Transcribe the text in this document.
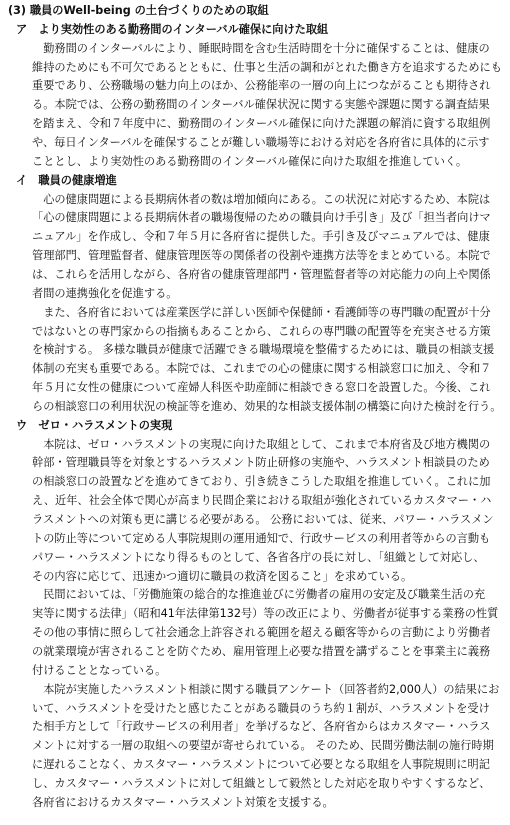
(3) 職員のWell-being の土台づくりのための取組
ア　より実効性のある勤務間のインターバル確保に向けた取組
　勤務間のインターバルにより、睡眠時間を含む生活時間を十分に確保することは、健康の
維持のためにも不可欠であるとともに、仕事と生活の調和がとれた働き方を追求するためにも
重要であり、公務職場の魅力向上のほか、公務能率の一層の向上につながることも期待され
る。本院では、公務の勤務間のインターバル確保状況に関する実態や課題に関する調査結果
を踏まえ、令和７年度中に、勤務間のインターバル確保に向けた課題の解消に資する取組例
や、毎日インターバルを確保することが難しい職場等における対応を各府省に具体的に示す
こととし、より実効性のある勤務間のインターバル確保に向けた取組を推進していく。
イ　職員の健康増進
　心の健康問題による長期病休者の数は増加傾向にある。この状況に対応するため、本院は
「心の健康問題による長期病休者の職場復帰のための職員向け手引き」及び「担当者向けマ
ニュアル」を作成し、令和７年５月に各府省に提供した。手引き及びマニュアルでは、健康
管理部門、管理監督者、健康管理医等の関係者の役割や連携方法等をまとめている。本院で
は、これらを活用しながら、各府省の健康管理部門・管理監督者等の対応能力の向上や関係
者間の連携強化を促進する。
　また、各府省においては産業医学に詳しい医師や保健師・看護師等の専門職の配置が十分
ではないとの専門家からの指摘もあることから、これらの専門職の配置等を充実させる方策
を検討する。 多様な職員が健康で活躍できる職場環境を整備するためには、職員の相談支援
体制の充実も重要である。本院では、これまでの心の健康に関する相談窓口に加え、令和７
年５月に女性の健康について産婦人科医や助産師に相談できる窓口を設置した。今後、これ
らの相談窓口の利用状況の検証等を進め、効果的な相談支援体制の構築に向けた検討を行う。
ウ　ゼロ・ハラスメントの実現
　本院は、ゼロ・ハラスメントの実現に向けた取組として、これまで本府省及び地方機関の
幹部・管理職員等を対象とするハラスメント防止研修の実施や、ハラスメント相談員のため
の相談窓口の設置などを進めてきており、引き続きこうした取組を推進していく。これに加
え、近年、社会全体で関心が高まり民間企業における取組が強化されているカスタマー・ハ
ラスメントへの対策も更に講じる必要がある。 公務においては、従来、パワー・ハラスメン
トの防止等について定める人事院規則の運用通知で、行政サービスの利用者等からの言動も
パワー・ハラスメントになり得るものとして、各省各庁の長に対し、「組織として対応し、
その内容に応じて、迅速かつ適切に職員の救済を図ること」を求めている。
　民間においては、「労働施策の総合的な推進並びに労働者の雇用の安定及び職業生活の充
実等に関する法律」（昭和41年法律第132号）等の改正により、労働者が従事する業務の性質
その他の事情に照らして社会通念上許容される範囲を超える顧客等からの言動により労働者
の就業環境が害されることを防ぐため、雇用管理上必要な措置を講ずることを事業主に義務
付けることとなっている。
　本院が実施したハラスメント相談に関する職員アンケート（回答者約2,000人）の結果にお
いて、ハラスメントを受けたと感じたことがある職員のうち約１割が、ハラスメントを受け
た相手方として「行政サービスの利用者」を挙げるなど、各府省からはカスタマー・ハラス
メントに対する一層の取組への要望が寄せられている。 そのため、民間労働法制の施行時期
に遅れることなく、カスタマー・ハラスメントについて必要となる取組を人事院規則に明記
し、カスタマー・ハラスメントに対して組織として毅然とした対応を取りやすくするなど、
各府省におけるカスタマー・ハラスメント対策を支援する。
